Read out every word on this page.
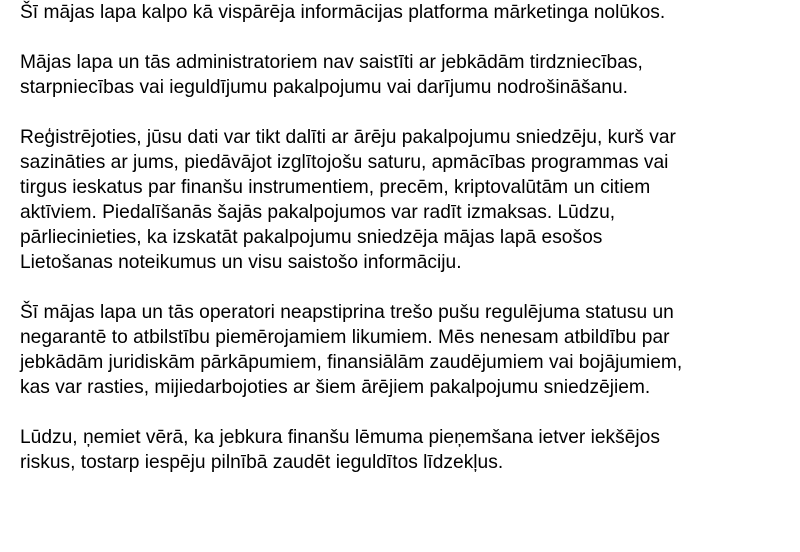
Šī mājas lapa kalpo kā vispārēja informācijas platforma mārketinga nolūkos.

Mājas lapa un tās administratoriem nav saistīti ar jebkādām tirdzniecības,
starpniecības vai ieguldījumu pakalpojumu vai darījumu nodrošināšanu.

Reģistrējoties, jūsu dati var tikt dalīti ar ārēju pakalpojumu sniedzēju, kurš var
sazināties ar jums, piedāvājot izglītojošu saturu, apmācības programmas vai
tirgus ieskatus par finanšu instrumentiem, precēm, kriptovalūtām un citiem
aktīviem. Piedalīšanās šajās pakalpojumos var radīt izmaksas. Lūdzu,
pārliecinieties, ka izskatāt pakalpojumu sniedzēja mājas lapā esošos
Lietošanas noteikumus un visu saistošo informāciju.

Šī mājas lapa un tās operatori neapstiprina trešo pušu regulējuma statusu un
negarantē to atbilstību piemērojamiem likumiem. Mēs nenesam atbildību par
jebkādām juridiskām pārkāpumiem, finansiālām zaudējumiem vai bojājumiem,
kas var rasties, mijiedarbojoties ar šiem ārējiem pakalpojumu sniedzējiem.

Lūdzu, ņemiet vērā, ka jebkura finanšu lēmuma pieņemšana ietver iekšējos
riskus, tostarp iespēju pilnībā zaudēt ieguldītos līdzekļus.
